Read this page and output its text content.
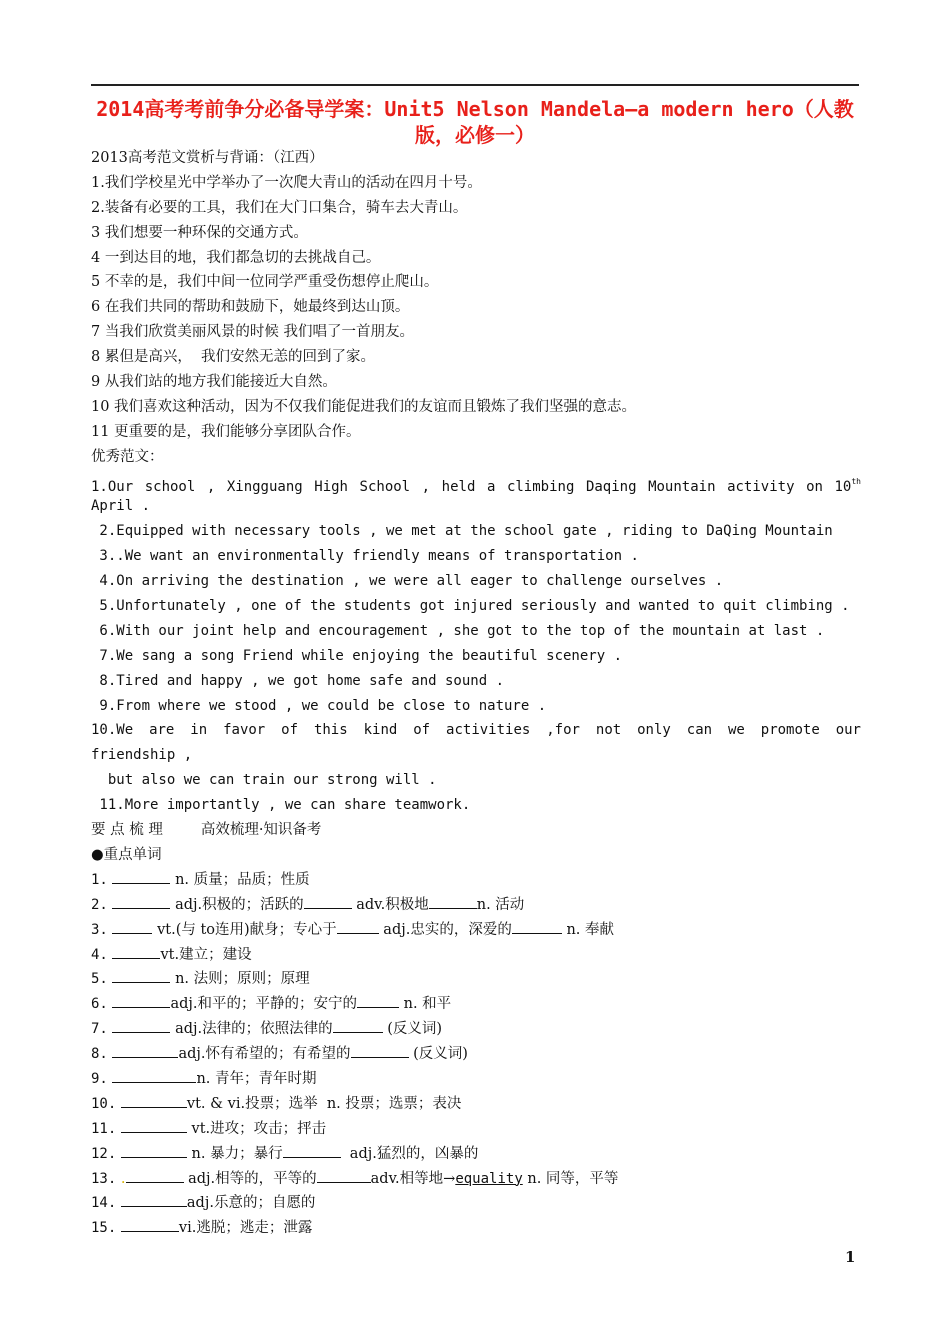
2014高考考前争分必备导学案：Unit5 Nelson Mandela—a modern hero（人教
版，必修一）
2013高考范文赏析与背诵：（江西）
1.我们学校星光中学举办了一次爬大青山的活动在四月十号。
2.装备有必要的工具，我们在大门口集合，骑车去大青山。
3 我们想要一种环保的交通方式。
4 一到达目的地，我们都急切的去挑战自己。
5 不幸的是，我们中间一位同学严重受伤想停止爬山。
6 在我们共同的帮助和鼓励下，她最终到达山顶。
7 当我们欣赏美丽风景的时候 我们唱了一首朋友。
8 累但是高兴，  我们安然无恙的回到了家。
9 从我们站的地方我们能接近大自然。
10 我们喜欢这种活动，因为不仅我们能促进我们的友谊而且锻炼了我们坚强的意志。
11 更重要的是，我们能够分享团队合作。
优秀范文：
1.Our school , Xingguang High School , held a climbing Daqing Mountain activity on 10th
April .
2.Equipped with necessary tools , we met at the school gate , riding to DaQing Mountain
3..We want an environmentally friendly means of transportation .
4.On arriving the destination , we were all eager to challenge ourselves .
5.Unfortunately , one of the students got injured seriously and wanted to quit climbing .
6.With our joint help and encouragement , she got to the top of the mountain at last .
7.We sang a song Friend while enjoying the beautiful scenery .
8.Tired and happy , we got home safe and sound .
9.From where we stood , we could be close to nature .
10.We are in favor of this kind of activities ,for not only can we promote our
friendship ,
but also we can train our strong will .
11.More importantly , we can share teamwork.
要 点 梳 理	高效梳理·知识备考
●重点单词
1.	n. 质量；品质；性质
2.	adj.积极的；活跃的	adv.积极地	n. 活动
3.	vt.(与 to连用)献身；专心于	adj.忠实的，深爱的	n. 奉献
4.	vt.建立；建设
5.	n. 法则；原则；原理
6.	adj.和平的；平静的；安宁的	n. 和平
7.	adj.法律的；依照法律的	(反义词)
8.	adj.怀有希望的；有希望的	(反义词)
9.	n. 青年；青年时期
10.	vt. & vi.投票；选举  n. 投票；选票；表决
11.	vt.进攻；攻击；抨击
12.	n. 暴力；暴行	adj.猛烈的，凶暴的
13. .	adj.相等的，平等的	adv.相等地→equality n. 同等，平等
14.	adj.乐意的；自愿的
15.	vi.逃脱；逃走；泄露
1
